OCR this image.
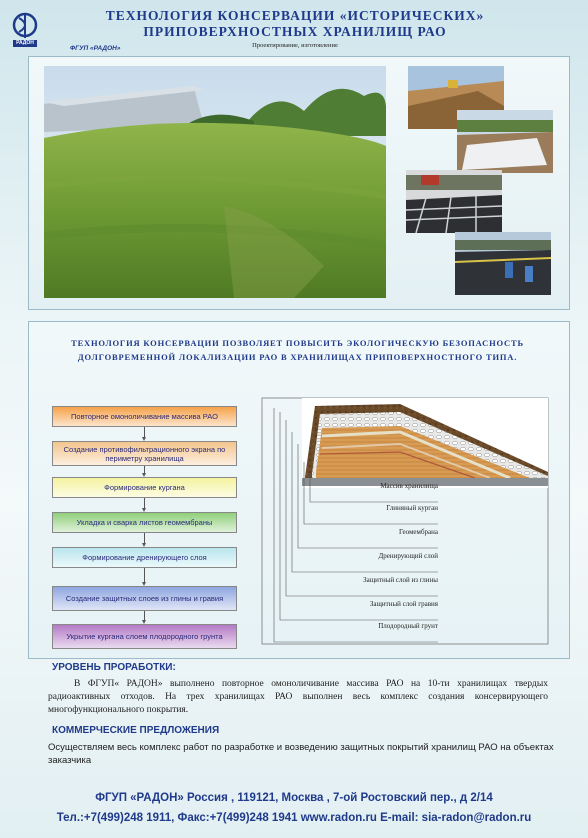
РАДОН
ТЕХНОЛОГИЯ КОНСЕРВАЦИИ «ИСТОРИЧЕСКИХ»
ПРИПОВЕРХНОСТНЫХ ХРАНИЛИЩ РАО
Проектирование, изготовление
ФГУП «РАДОН»
ТЕХНОЛОГИЯ КОНСЕРВАЦИИ ПОЗВОЛЯЕТ ПОВЫСИТЬ ЭКОЛОГИЧЕСКУЮ БЕЗОПАСНОСТЬ
ДОЛГОВРЕМЕННОЙ ЛОКАЛИЗАЦИИ РАО В ХРАНИЛИЩАХ ПРИПОВЕРХНОСТНОГО ТИПА.
Повторное омоноличивание массива РАО
Создание противофильтрационного экрана по периметру хранилища
Формирование кургана
Укладка и сварка листов геомембраны
Формирование дренирующего слоя
Создание защитных слоев из глины и гравия
Укрытие кургана слоем плодородного грунта
Массив хранилища
Глиняный курган
Геомембрана
Дренирующий слой
Защитный слой из глины
Защитный слой гравия
Плодородный грунт
УРОВЕНЬ ПРОРАБОТКИ:
В ФГУП« РАДОН» выполнено повторное омоноличивание массива РАО на 10-ти хранилищах твердых радиоактивных отходов. На трех хранилищах РАО выполнен весь комплекс создания консервирующего многофункционального покрытия.
КОММЕРЧЕСКИЕ ПРЕДЛОЖЕНИЯ
Осуществляем весь комплекс работ по разработке и возведению защитных покрытий хранилищ РАО на объектах заказчика
ФГУП «РАДОН» Россия , 119121, Москва , 7-ой Ростовский пер., д 2/14
Тел.:+7(499)248 1911, Факс:+7(499)248 1941 www.radon.ru E-mail: sia-radon@radon.ru
